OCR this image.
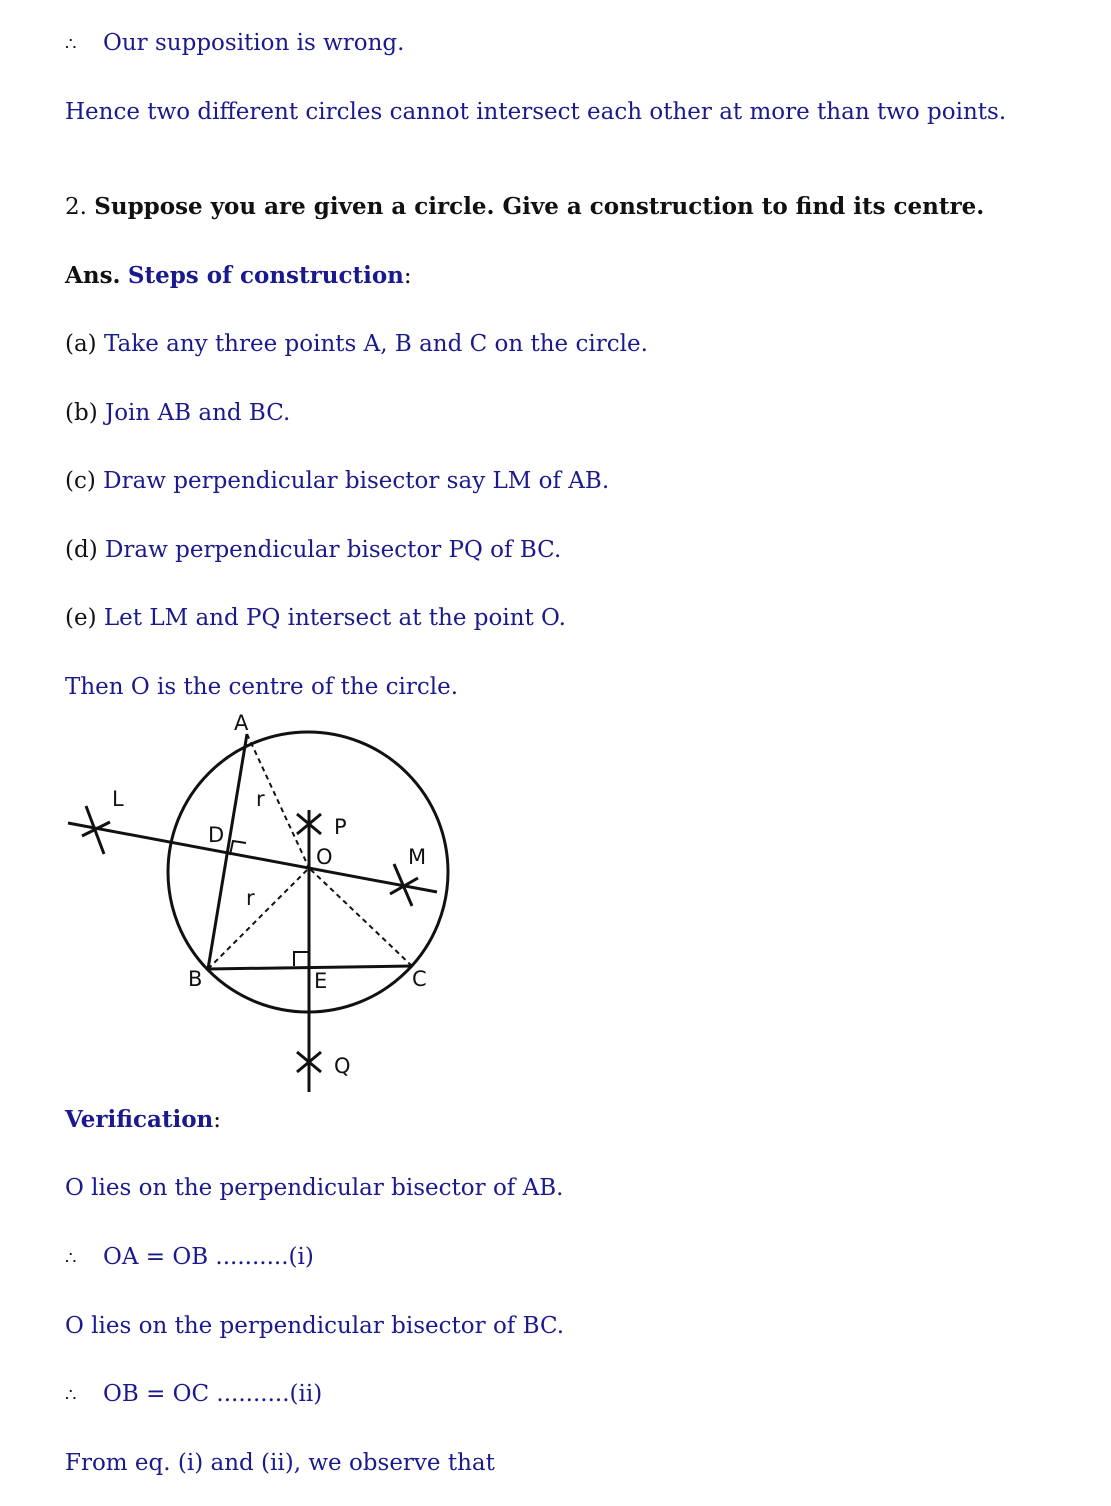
∴ Our supposition is wrong.
Hence two different circles cannot intersect each other at more than two points.
2. Suppose you are given a circle. Give a construction to find its centre.
Ans. Steps of construction:
(a) Take any three points A, B and C on the circle.
(b) Join AB and BC.
(c) Draw perpendicular bisector say LM of AB.
(d) Draw perpendicular bisector PQ of BC.
(e) Let LM and PQ intersect at the point O.
Then O is the centre of the circle.
A
B	C
D
E
O
L
M
P
Q
r
r
Verification:
O lies on the perpendicular bisector of AB.
∴ OA = OB ..........(i)
O lies on the perpendicular bisector of BC.
∴ OB = OC ..........(ii)
From eq. (i) and (ii), we observe that
